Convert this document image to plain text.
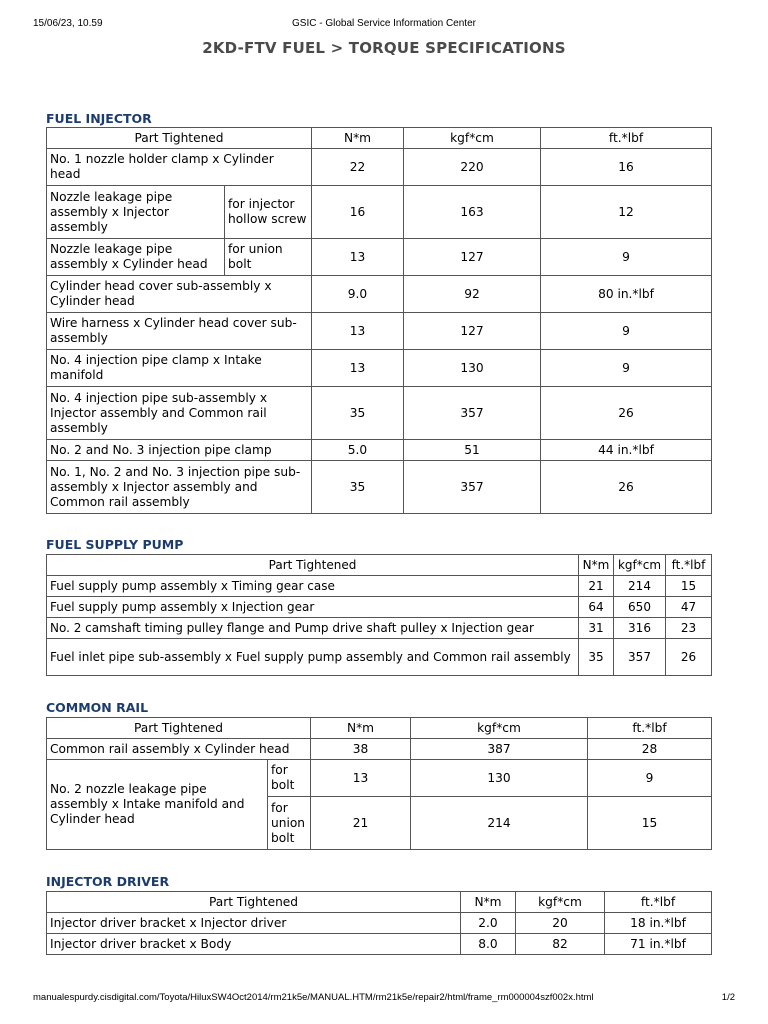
15/06/23, 10.59	GSIC - Global Service Information Center
2KD-FTV FUEL > TORQUE SPECIFICATIONS
FUEL INJECTOR
Part Tightened		N*m	kgf*cm	ft.*lbf
No. 1 nozzle holder clamp x Cylinder head		22	220	16
Nozzle leakage pipe assembly x Injector assembly	for injector hollow screw	16	163	12
Nozzle leakage pipe assembly x Cylinder head	for union bolt	13	127	9
Cylinder head cover sub-assembly x Cylinder head		9.0	92	80 in.*lbf
Wire harness x Cylinder head cover sub-assembly		13	127	9
No. 4 injection pipe clamp x Intake manifold		13	130	9
No. 4 injection pipe sub-assembly x Injector assembly and Common rail assembly		35	357	26
No. 2 and No. 3 injection pipe clamp		5.0	51	44 in.*lbf
No. 1, No. 2 and No. 3 injection pipe sub-assembly x Injector assembly and Common rail assembly		35	357	26
FUEL SUPPLY PUMP
Part Tightened	N*m	kgf*cm	ft.*lbf
Fuel supply pump assembly x Timing gear case	21	214	15
Fuel supply pump assembly x Injection gear	64	650	47
No. 2 camshaft timing pulley flange and Pump drive shaft pulley x Injection gear	31	316	23
Fuel inlet pipe sub-assembly x Fuel supply pump assembly and Common rail assembly	35	357	26
COMMON RAIL
Part Tightened		N*m	kgf*cm	ft.*lbf
Common rail assembly x Cylinder head		38	387	28
No. 2 nozzle leakage pipe assembly x Intake manifold and Cylinder head	for bolt	13	130	9
	for union bolt	21	214	15
INJECTOR DRIVER
Part Tightened	N*m	kgf*cm	ft.*lbf
Injector driver bracket x Injector driver	2.0	20	18 in.*lbf
Injector driver bracket x Body	8.0	82	71 in.*lbf
manualespurdy.cisdigital.com/Toyota/HiluxSW4Oct2014/rm21k5e/MANUAL.HTM/rm21k5e/repair2/html/frame_rm000004szf002x.html	1/2
